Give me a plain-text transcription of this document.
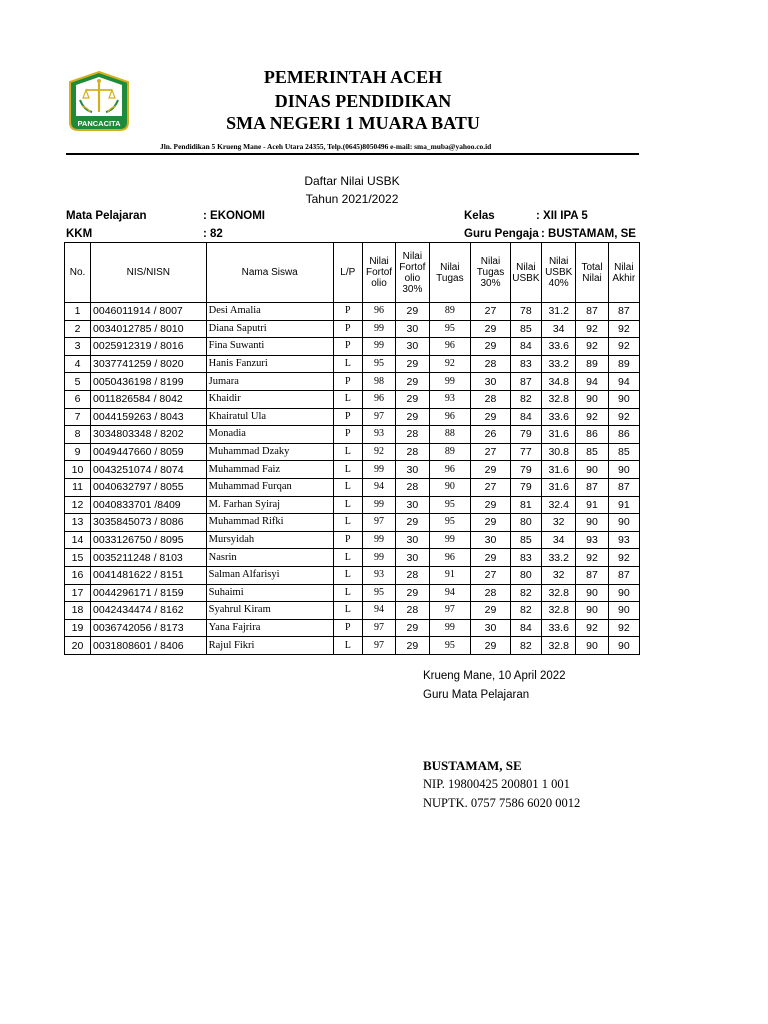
PANCACITA
PEMERINTAH ACEH
DINAS PENDIDIKAN
SMA NEGERI 1 MUARA BATU
Jln. Pendidikan 5 Krueng Mane - Aceh Utara 24355, Telp.(0645)8050496 e-mail: sma_muba@yahoo.co.id
Daftar Nilai USBK
Tahun 2021/2022
Mata Pelajaran	: EKONOMI	Kelas	: XII IPA 5
KKM	: 82	Guru Pengaja : BUSTAMAM, SE
No.	NIS/NISN	Nama Siswa	L/P	Nilai Fortof olio	Nilai Fortof olio 30%	Nilai Tugas	Nilai Tugas 30%	Nilai USBK	Nilai USBK 40%	Total Nilai	Nilai Akhir
1	0046011914 / 8007	Desi Amalia	P	96	29	89	27	78	31.2	87	87
2	0034012785 / 8010	Diana Saputri	P	99	30	95	29	85	34	92	92
3	0025912319 / 8016	Fina Suwanti	P	99	30	96	29	84	33.6	92	92
4	3037741259 / 8020	Hanis Fanzuri	L	95	29	92	28	83	33.2	89	89
5	0050436198 / 8199	Jumara	P	98	29	99	30	87	34.8	94	94
6	0011826584 / 8042	Khaidir	L	96	29	93	28	82	32.8	90	90
7	0044159263 / 8043	Khairatul Ula	P	97	29	96	29	84	33.6	92	92
8	3034803348 / 8202	Monadia	P	93	28	88	26	79	31.6	86	86
9	0049447660 / 8059	Muhammad Dzaky	L	92	28	89	27	77	30.8	85	85
10	0043251074 / 8074	Muhammad Faiz	L	99	30	96	29	79	31.6	90	90
11	0040632797 / 8055	Muhammad Furqan	L	94	28	90	27	79	31.6	87	87
12	0040833701 /8409	M. Farhan Syiraj	L	99	30	95	29	81	32.4	91	91
13	3035845073 / 8086	Muhammad Rifki	L	97	29	95	29	80	32	90	90
14	0033126750 / 8095	Mursyidah	P	99	30	99	30	85	34	93	93
15	0035211248 / 8103	Nasrin	L	99	30	96	29	83	33.2	92	92
16	0041481622 / 8151	Salman Alfarisyi	L	93	28	91	27	80	32	87	87
17	0044296171 / 8159	Suhaimi	L	95	29	94	28	82	32.8	90	90
18	0042434474 / 8162	Syahrul Kiram	L	94	28	97	29	82	32.8	90	90
19	0036742056 / 8173	Yana Fajrira	P	97	29	99	30	84	33.6	92	92
20	0031808601 / 8406	Rajul Fikri	L	97	29	95	29	82	32.8	90	90
Krueng Mane, 10 April 2022
Guru Mata Pelajaran
BUSTAMAM, SE
NIP. 19800425 200801 1 001
NUPTK. 0757 7586 6020 0012
